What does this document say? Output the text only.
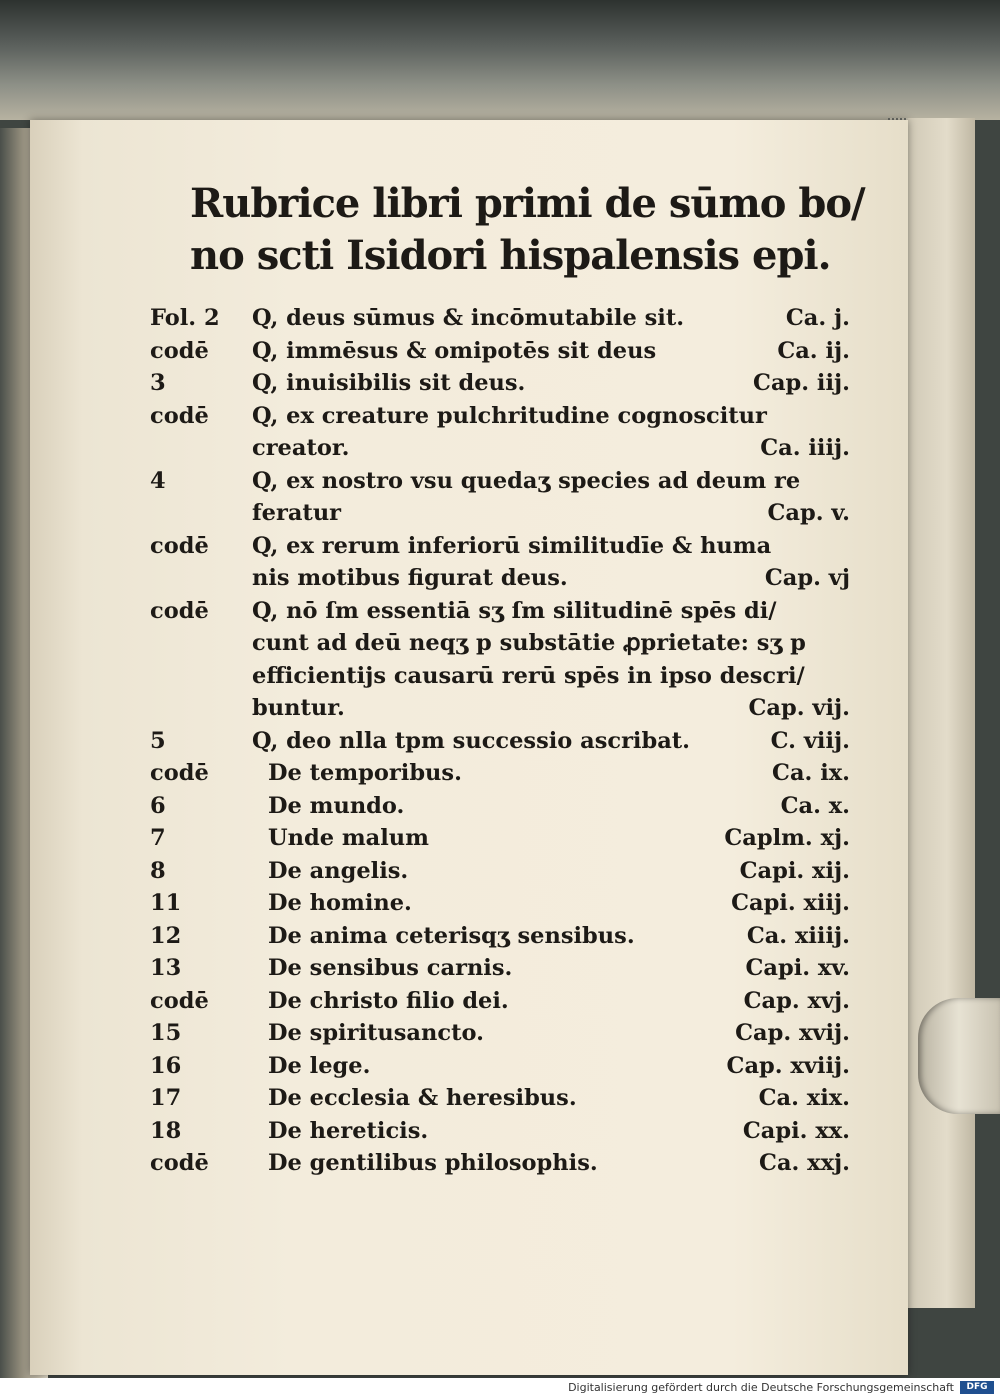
Rubrice libri primi de sūmo bo/
no scti Isidori hispalensis epi.
Fol. 2	Q, deus sūmus & incōmutabile sit.	Ca. j.
codē	Q, immēsus & omipotēs sit deus	Ca. ij.
3	Q, inuisibilis sit deus.	Cap. iij.
codē	Q, ex creature pulchritudine cognoscitur
creator.	Ca. iiij.
4	Q, ex nostro vsu quedaʒ species ad deum re
feratur	Cap. v.
codē	Q, ex rerum inferiorū similitudīe & huma
nis motibus figurat deus.	Cap. vj
codē	Q, nō ſm essentiā sʒ ſm silitudinē spēs di/
cunt ad deū neqʒ p substātie ꝓprietate: sʒ p
efficientijs causarū rerū spēs in ipso descri/
buntur.	Cap. vij.
5	Q, deo nlla tpm successio ascribat.	C. viij.
codē	De temporibus.	Ca. ix.
6	De mundo.	Ca. x.
7	Unde malum	Caplm. xj.
8	De angelis.	Capi. xij.
11	De homine.	Capi. xiij.
12	De anima ceterisqʒ sensibus.	Ca. xiiij.
13	De sensibus carnis.	Capi. xv.
codē	De christo filio dei.	Cap. xvj.
15	De spiritusancto.	Cap. xvij.
16	De lege.	Cap. xviij.
17	De ecclesia & heresibus.	Ca. xix.
18	De hereticis.	Capi. xx.
codē	De gentilibus philosophis.	Ca. xxj.
Digitalisierung gefördert durch die Deutsche Forschungsgemeinschaft	DFG
